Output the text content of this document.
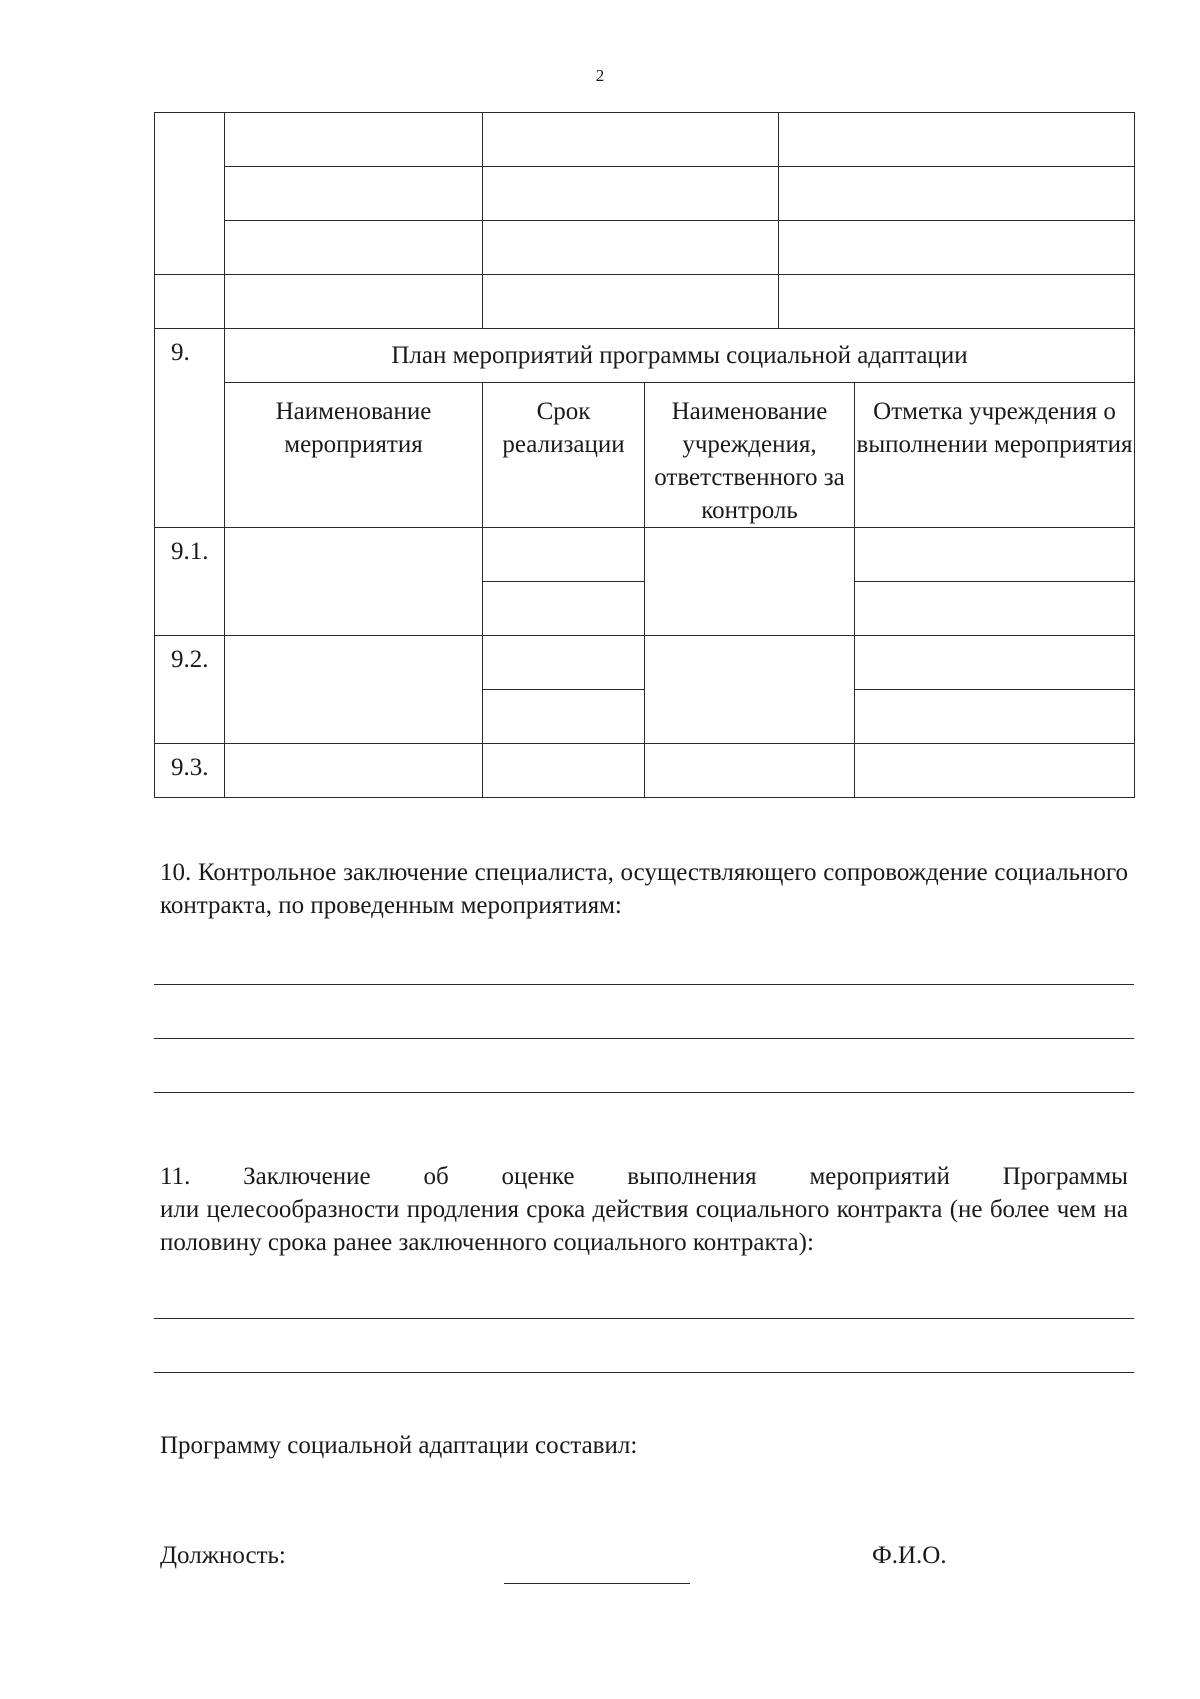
2

9.	План мероприятий программы социальной адаптации				
	Наименование мероприятия	Срок реализации	Наименование учреждения, ответственного за контроль		Отметка учреждения о выполнении мероприятия
9.1.					

9.2.					

9.3.					
10. Контрольное заключение специалиста, осуществляющего сопровождение социального контракта, по проведенным мероприятиям:
11. Заключение об оценке выполнения мероприятий Программы
или целесообразности продления срока действия социального контракта (не более чем на половину срока ранее заключенного социального контракта):
Программу социальной адаптации составил:
Должность:	Ф.И.О.
